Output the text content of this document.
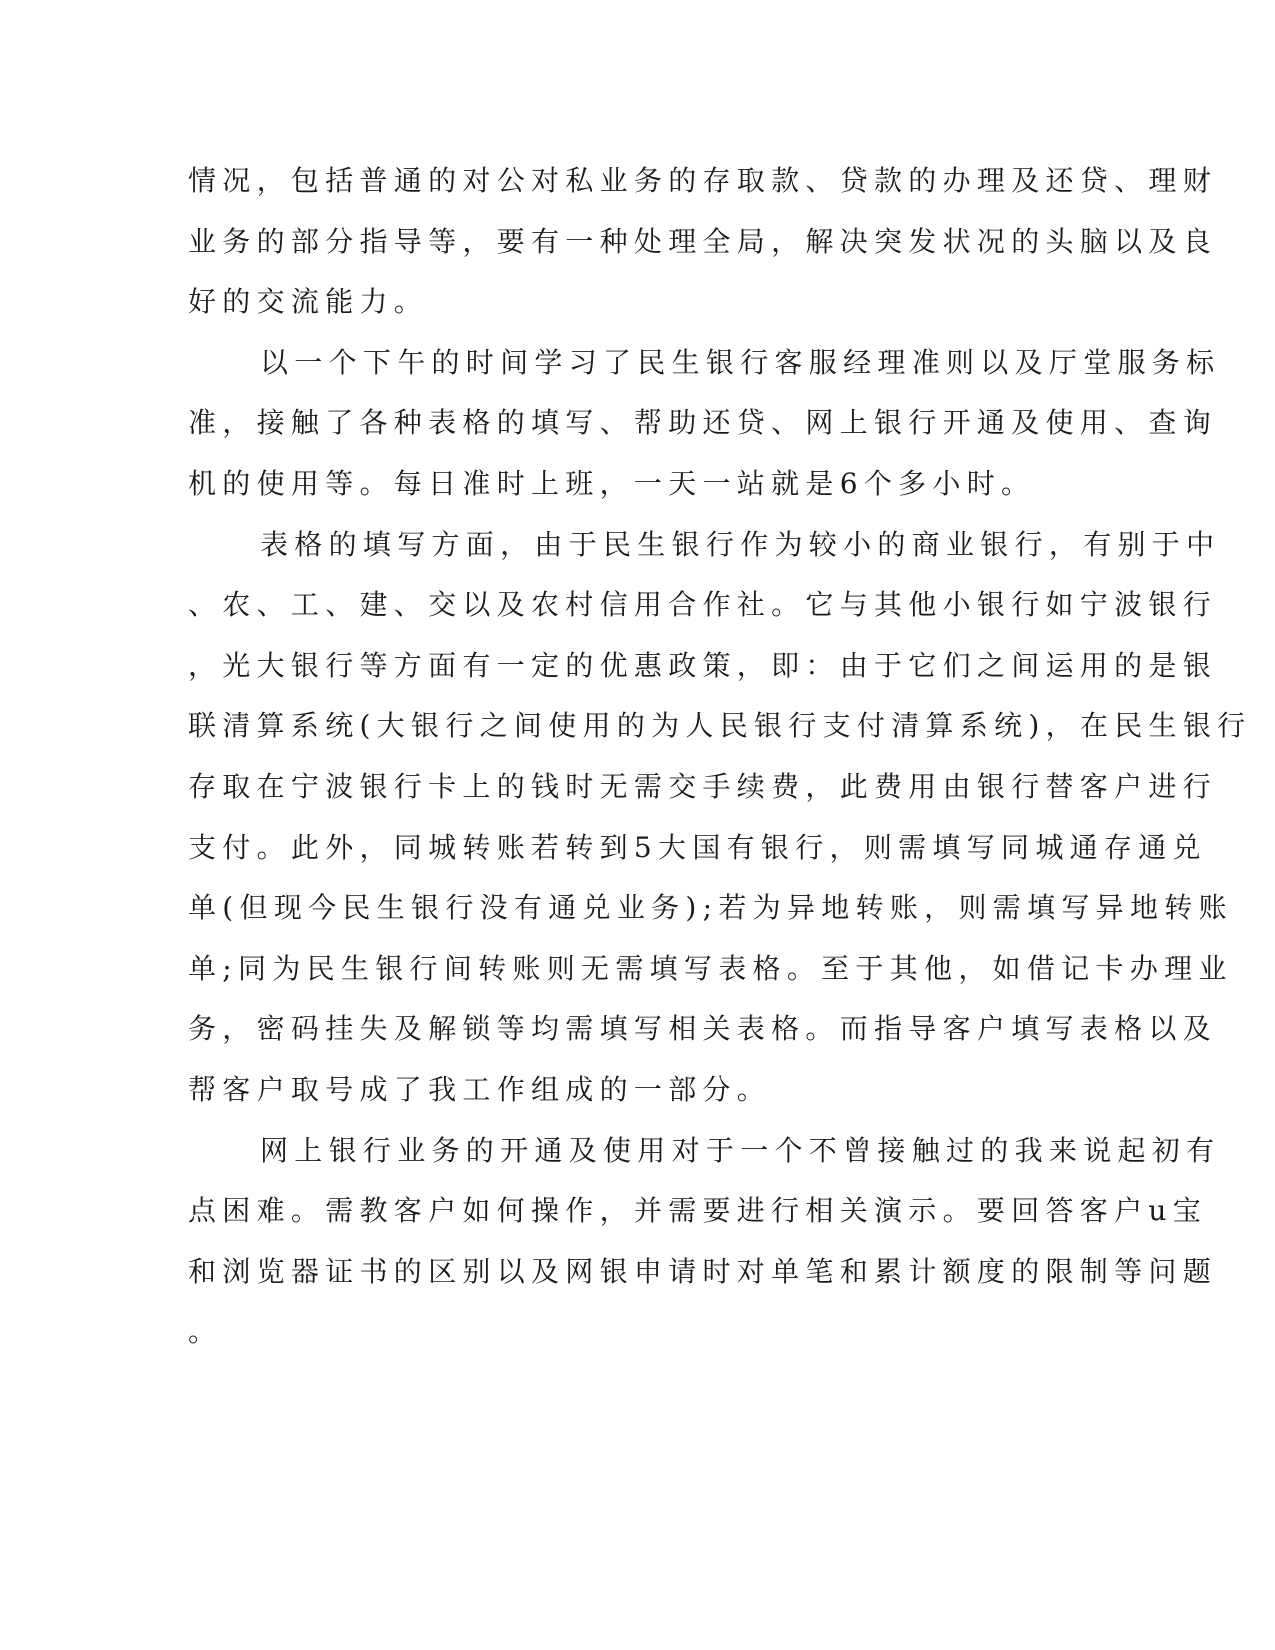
情况，包括普通的对公对私业务的存取款、贷款的办理及还贷、理财
业务的部分指导等，要有一种处理全局，解决突发状况的头脑以及良
好的交流能力。
以一个下午的时间学习了民生银行客服经理准则以及厅堂服务标
准，接触了各种表格的填写、帮助还贷、网上银行开通及使用、查询
机的使用等。每日准时上班，一天一站就是6个多小时。
表格的填写方面，由于民生银行作为较小的商业银行，有别于中
、农、工、建、交以及农村信用合作社。它与其他小银行如宁波银行
，光大银行等方面有一定的优惠政策，即：由于它们之间运用的是银
联清算系统(大银行之间使用的为人民银行支付清算系统)，在民生银行
存取在宁波银行卡上的钱时无需交手续费，此费用由银行替客户进行
支付。此外，同城转账若转到5大国有银行，则需填写同城通存通兑
单(但现今民生银行没有通兑业务);若为异地转账，则需填写异地转账
单;同为民生银行间转账则无需填写表格。至于其他，如借记卡办理业
务，密码挂失及解锁等均需填写相关表格。而指导客户填写表格以及
帮客户取号成了我工作组成的一部分。
网上银行业务的开通及使用对于一个不曾接触过的我来说起初有
点困难。需教客户如何操作，并需要进行相关演示。要回答客户u宝
和浏览器证书的区别以及网银申请时对单笔和累计额度的限制等问题
。
